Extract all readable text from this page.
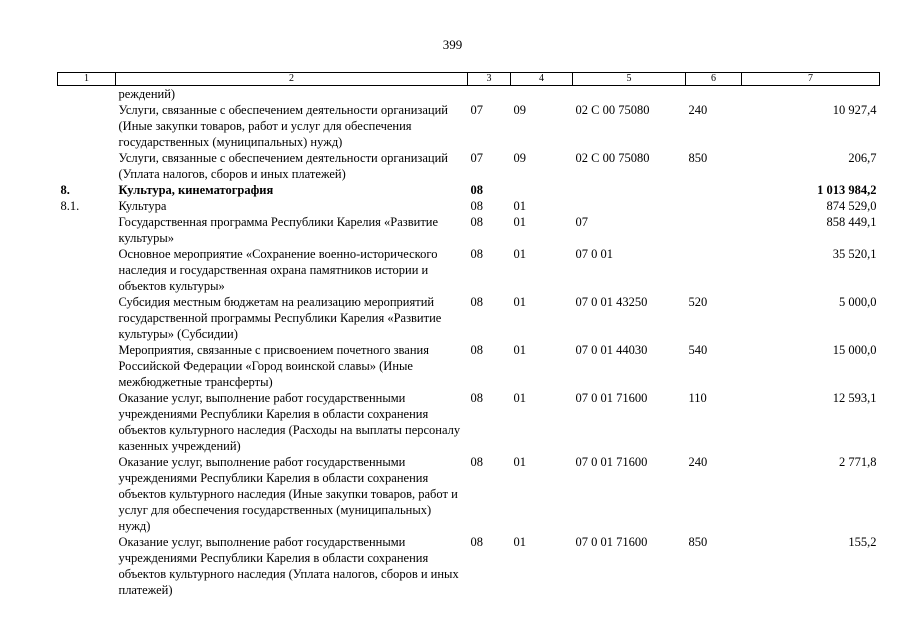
399
1	2	3	4	5	6	7
	реждений)					
	Услуги, связанные с обеспечением деятельности организаций (Иные закупки товаров, работ и услуг для обеспечения государственных (муниципальных) нужд)	07	09	02 С 00 75080	240	10 927,4
	Услуги, связанные с обеспечением деятельности организаций (Уплата налогов, сборов и иных платежей)	07	09	02 С 00 75080	850	206,7
8.	Культура, кинематография	08				1 013 984,2
8.1.	Культура	08	01			874 529,0
	Государственная программа Республики Карелия «Развитие культуры»	08	01	07		858 449,1
	Основное мероприятие «Сохранение военно-исторического наследия и государственная охрана памятников истории и объектов культуры»	08	01	07 0 01		35 520,1
	Субсидия местным бюджетам на реализацию мероприятий государственной программы Республики Карелия «Развитие культуры» (Субсидии)	08	01	07 0 01 43250	520	5 000,0
	Мероприятия, связанные с присвоением почетного звания Российской Федерации «Город воинской славы» (Иные межбюджетные трансферты)	08	01	07 0 01 44030	540	15 000,0
	Оказание услуг, выполнение работ государственными учреждениями Республики Карелия в области сохранения объектов культурного наследия (Расходы на выплаты персоналу казенных учреждений)	08	01	07 0 01 71600	110	12 593,1
	Оказание услуг, выполнение работ государственными учреждениями Республики Карелия в области сохранения объектов культурного наследия (Иные закупки товаров, работ и услуг для обеспечения государственных (муниципальных) нужд)	08	01	07 0 01 71600	240	2 771,8
	Оказание услуг, выполнение работ государственными учреждениями Республики Карелия в области сохранения объектов культурного наследия (Уплата налогов, сборов и иных платежей)	08	01	07 0 01 71600	850	155,2
